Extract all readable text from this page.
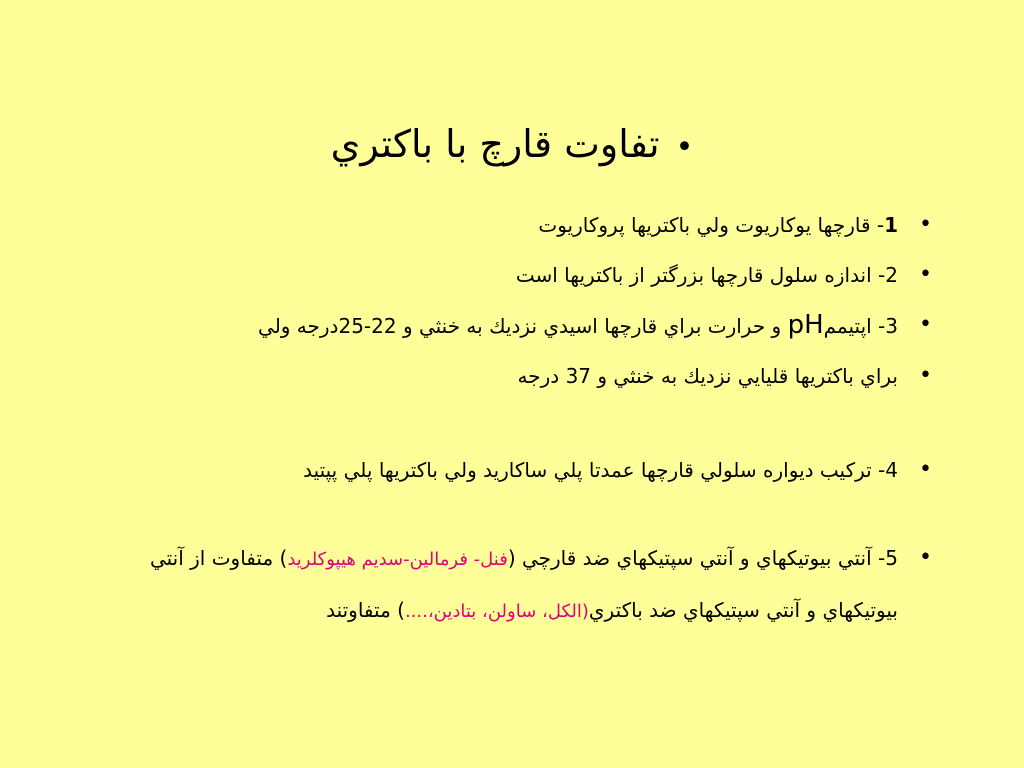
•تفاوت قارچ با باكتري
•
1- قارچها يوكاريوت ولي باكتريها پروكاريوت
•
2- اندازه سلول قارچها بزرگتر از باكتريها است
•
3- اپتيممpH و حرارت براي قارچها اسيدي نزديك به خنثي و 22-25درجه ولي
•
براي باكتريها قليايي نزديك به خنثي و 37 درجه
•
4- تركيب ديواره سلولي قارچها عمدتا پلي ساكاريد ولي باكتريها پلي پپتيد
•
5- آنتي بيوتيكهاي و آنتي سپتيكهاي ضد قارچي (فنل- فرمالين-سديم هيپوكلريد) متفاوت از آنتي
بيوتيكهاي و آنتي سپتيكهاي ضد باكتري(الكل، ساولن، بتادين،....) متفاوتند
